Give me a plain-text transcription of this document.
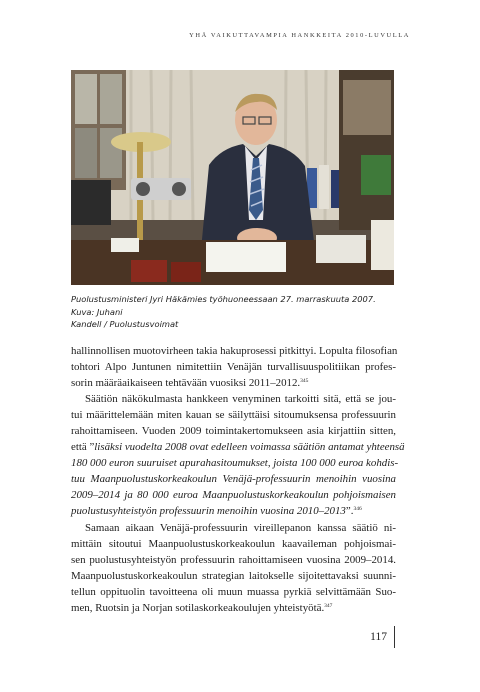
YHÄ VAIKUTTAVAMPIA HANKKEITA 2010-LUVULLA
Puolustusministeri Jyri Häkämies työhuoneessaan 27. marraskuuta 2007. Kuva: Juhani
Kandell / Puolustusvoimat

hallinnollisen muotovirheen takia hakuprosessi pitkittyi. Lopulta filosofian
tohtori Alpo Juntunen nimitettiin Venäjän turvallisuuspolitiikan profes-
sorin määräaikaiseen tehtävään vuosiksi 2011–2012.$^{345}$

Säätiön näkökulmasta hankkeen venyminen tarkoitti sitä, että se jou-
tui määrittelemään miten kauan se säilyttäisi sitoumuksensa professuurin
rahoittamiseen. Vuoden 2009 toimintakertomukseen asia kirjattiin sitten,
että ”lisäksi vuodelta 2008 ovat edelleen voimassa säätiön antamat yhteensä
180 000 euron suuruiset apurahasitoumukset, joista 100 000 euroa kohdis-
tuu Maanpuolustuskorkeakoulun Venäjä-professuurin menoihin vuosina
2009–2014 ja 80 000 euroa Maanpuolustuskorkeakoulun pohjoismaisen
puolustusyhteistyön professuurin menoihin vuosina 2010–2013”.$^{346}$

Samaan aikaan Venäjä-professuurin vireillepanon kanssa säätiö ni-
mittäin sitoutui Maanpuolustuskorkeakoulun kaavaileman pohjoismai-
sen puolustusyhteistyön professuurin rahoittamiseen vuosina 2009–2014.
Maanpuolustuskorkeakoulun strategian laitokselle sijoitettavaksi suunni-
tellun oppituolin tavoitteena oli muun muassa pyrkiä selvittämään Suo-
men, Ruotsin ja Norjan sotilaskorkeakoulujen yhteistyötä.$^{347}$

117
